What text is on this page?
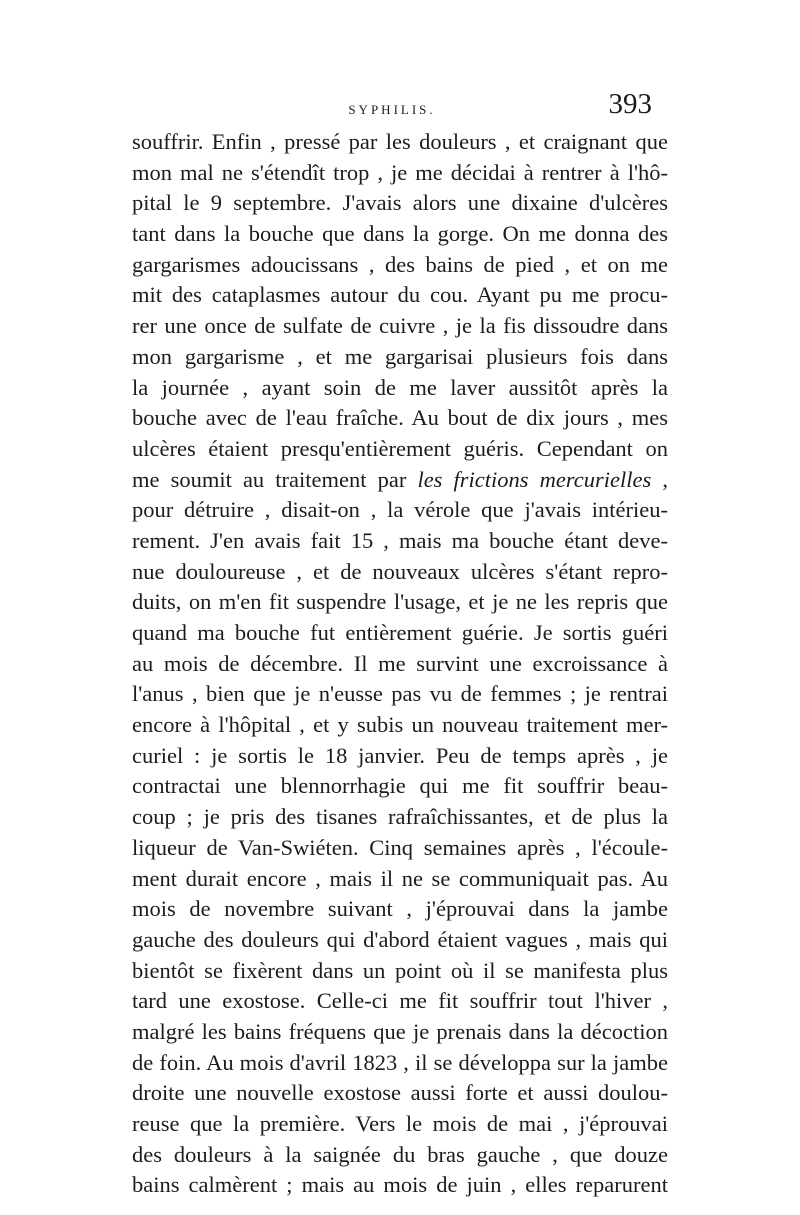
SYPHILIS.	393
souffrir. Enfin , pressé par les douleurs , et craignant que
mon mal ne s'étendît trop , je me décidai à rentrer à l'hô-
pital le 9 septembre. J'avais alors une dixaine d'ulcères
tant dans la bouche que dans la gorge. On me donna des
gargarismes adoucissans , des bains de pied , et on me
mit des cataplasmes autour du cou. Ayant pu me procu-
rer une once de sulfate de cuivre , je la fis dissoudre dans
mon gargarisme , et me gargarisai plusieurs fois dans
la journée , ayant soin de me laver aussitôt après la
bouche avec de l'eau fraîche. Au bout de dix jours , mes
ulcères étaient presqu'entièrement guéris. Cependant on
me soumit au traitement par les frictions mercurielles ,
pour détruire , disait-on , la vérole que j'avais intérieu-
rement. J'en avais fait 15 , mais ma bouche étant deve-
nue douloureuse , et de nouveaux ulcères s'étant repro-
duits, on m'en fit suspendre l'usage, et je ne les repris que
quand ma bouche fut entièrement guérie. Je sortis guéri
au mois de décembre. Il me survint une excroissance à
l'anus , bien que je n'eusse pas vu de femmes ; je rentrai
encore à l'hôpital , et y subis un nouveau traitement mer-
curiel : je sortis le 18 janvier. Peu de temps après , je
contractai une blennorrhagie qui me fit souffrir beau-
coup ; je pris des tisanes rafraîchissantes, et de plus la
liqueur de Van-Swiéten. Cinq semaines après , l'écoule-
ment durait encore , mais il ne se communiquait pas. Au
mois de novembre suivant , j'éprouvai dans la jambe
gauche des douleurs qui d'abord étaient vagues , mais qui
bientôt se fixèrent dans un point où il se manifesta plus
tard une exostose. Celle-ci me fit souffrir tout l'hiver ,
malgré les bains fréquens que je prenais dans la décoction
de foin. Au mois d'avril 1823 , il se développa sur la jambe
droite une nouvelle exostose aussi forte et aussi doulou-
reuse que la première. Vers le mois de mai , j'éprouvai
des douleurs à la saignée du bras gauche , que douze
bains calmèrent ; mais au mois de juin , elles reparurent
